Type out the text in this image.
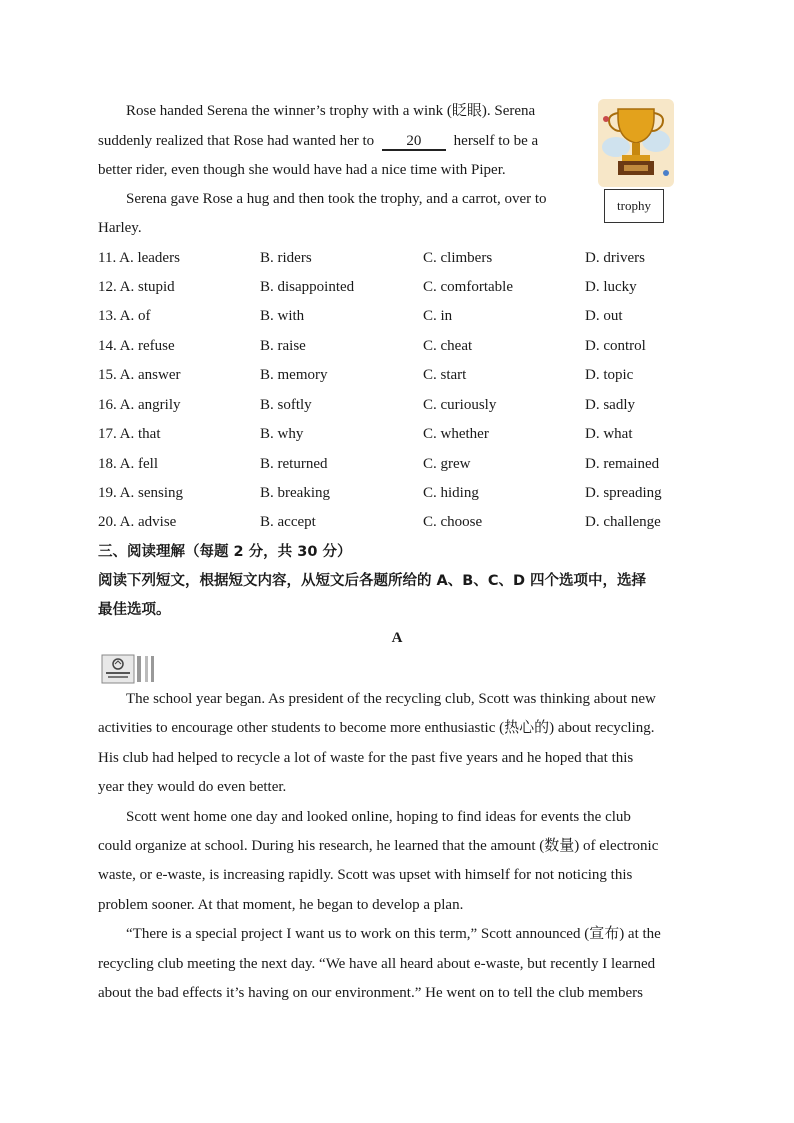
Rose handed Serena the winner’s trophy with a wink (眨眼). Serena
suddenly realized that Rose had wanted her to 20 herself to be a
better rider, even though she would have had a nice time with Piper.
Serena gave Rose a hug and then took the trophy, and a carrot, over to
Harley.
trophy
11. A. leaders	B. riders	C. climbers	D. drivers
12. A. stupid	B. disappointed	C. comfortable	D. lucky
13. A. of	B. with	C. in	D. out
14. A. refuse	B. raise	C. cheat	D. control
15. A. answer	B. memory	C. start	D. topic
16. A. angrily	B. softly	C. curiously	D. sadly
17. A. that	B. why	C. whether	D. what
18. A. fell	B. returned	C. grew	D. remained
19. A. sensing	B. breaking	C. hiding	D. spreading
20. A. advise	B. accept	C. choose	D. challenge
三、阅读理解（每题 2 分，共 30 分）
阅读下列短文，根据短文内容，从短文后各题所给的 A、B、C、D 四个选项中，选择
最佳选项。
A
The school year began. As president of the recycling club, Scott was thinking about new
activities to encourage other students to become more enthusiastic (热心的) about recycling.
His club had helped to recycle a lot of waste for the past five years and he hoped that this
year they would do even better.
Scott went home one day and looked online, hoping to find ideas for events the club
could organize at school. During his research, he learned that the amount (数量) of electronic
waste, or e-waste, is increasing rapidly. Scott was upset with himself for not noticing this
problem sooner. At that moment, he began to develop a plan.
“There is a special project I want us to work on this term,” Scott announced (宣布) at the
recycling club meeting the next day. “We have all heard about e-waste, but recently I learned
about the bad effects it’s having on our environment.” He went on to tell the club members
